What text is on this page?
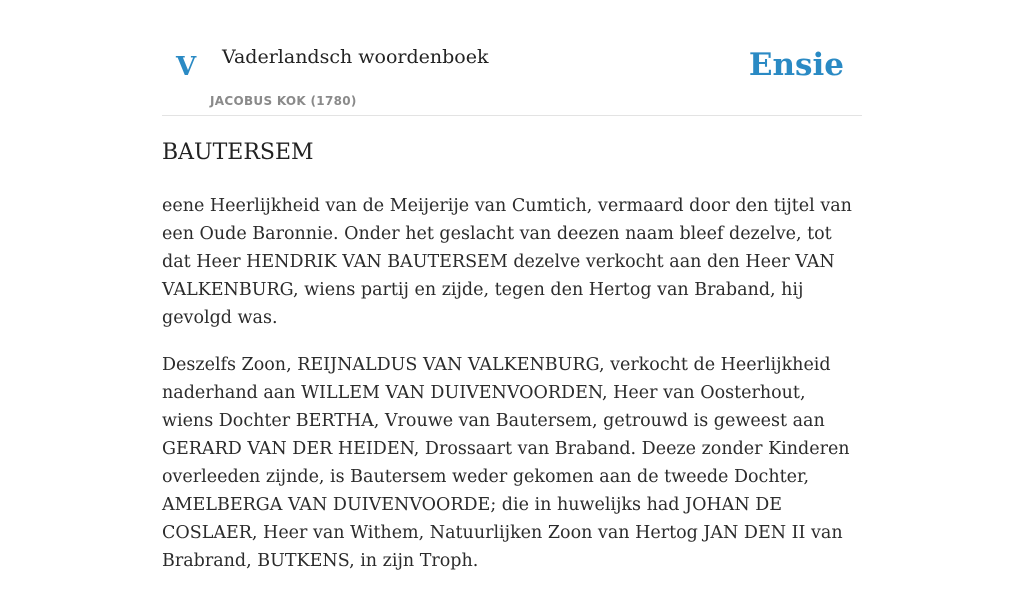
V Vaderlandsch woordenboek
JACOBUS KOK (1780)
Ensie
BAUTERSEM

eene Heerlijkheid van de Meijerije van Cumtich, vermaard door den tijtel van een Oude Baronnie. Onder het geslacht van deezen naam bleef dezelve, tot dat Heer HENDRIK VAN BAUTERSEM dezelve verkocht aan den Heer VAN VALKENBURG, wiens partij en zijde, tegen den Hertog van Braband, hij gevolgd was.

Deszelfs Zoon, REIJNALDUS VAN VALKENBURG, verkocht de Heerlijkheid naderhand aan WILLEM VAN DUIVENVOORDEN, Heer van Oosterhout, wiens Dochter BERTHA, Vrouwe van Bautersem, getrouwd is geweest aan GERARD VAN DER HEIDEN, Drossaart van Braband. Deeze zonder Kinderen overleeden zijnde, is Bautersem weder gekomen aan de tweede Dochter, AMELBERGA VAN DUIVENVOORDE; die in huwelijks had JOHAN DE COSLAER, Heer van Withem, Natuurlijken Zoon van Hertog JAN DEN II van Brabrand, BUTKENS, in zijn Troph.
